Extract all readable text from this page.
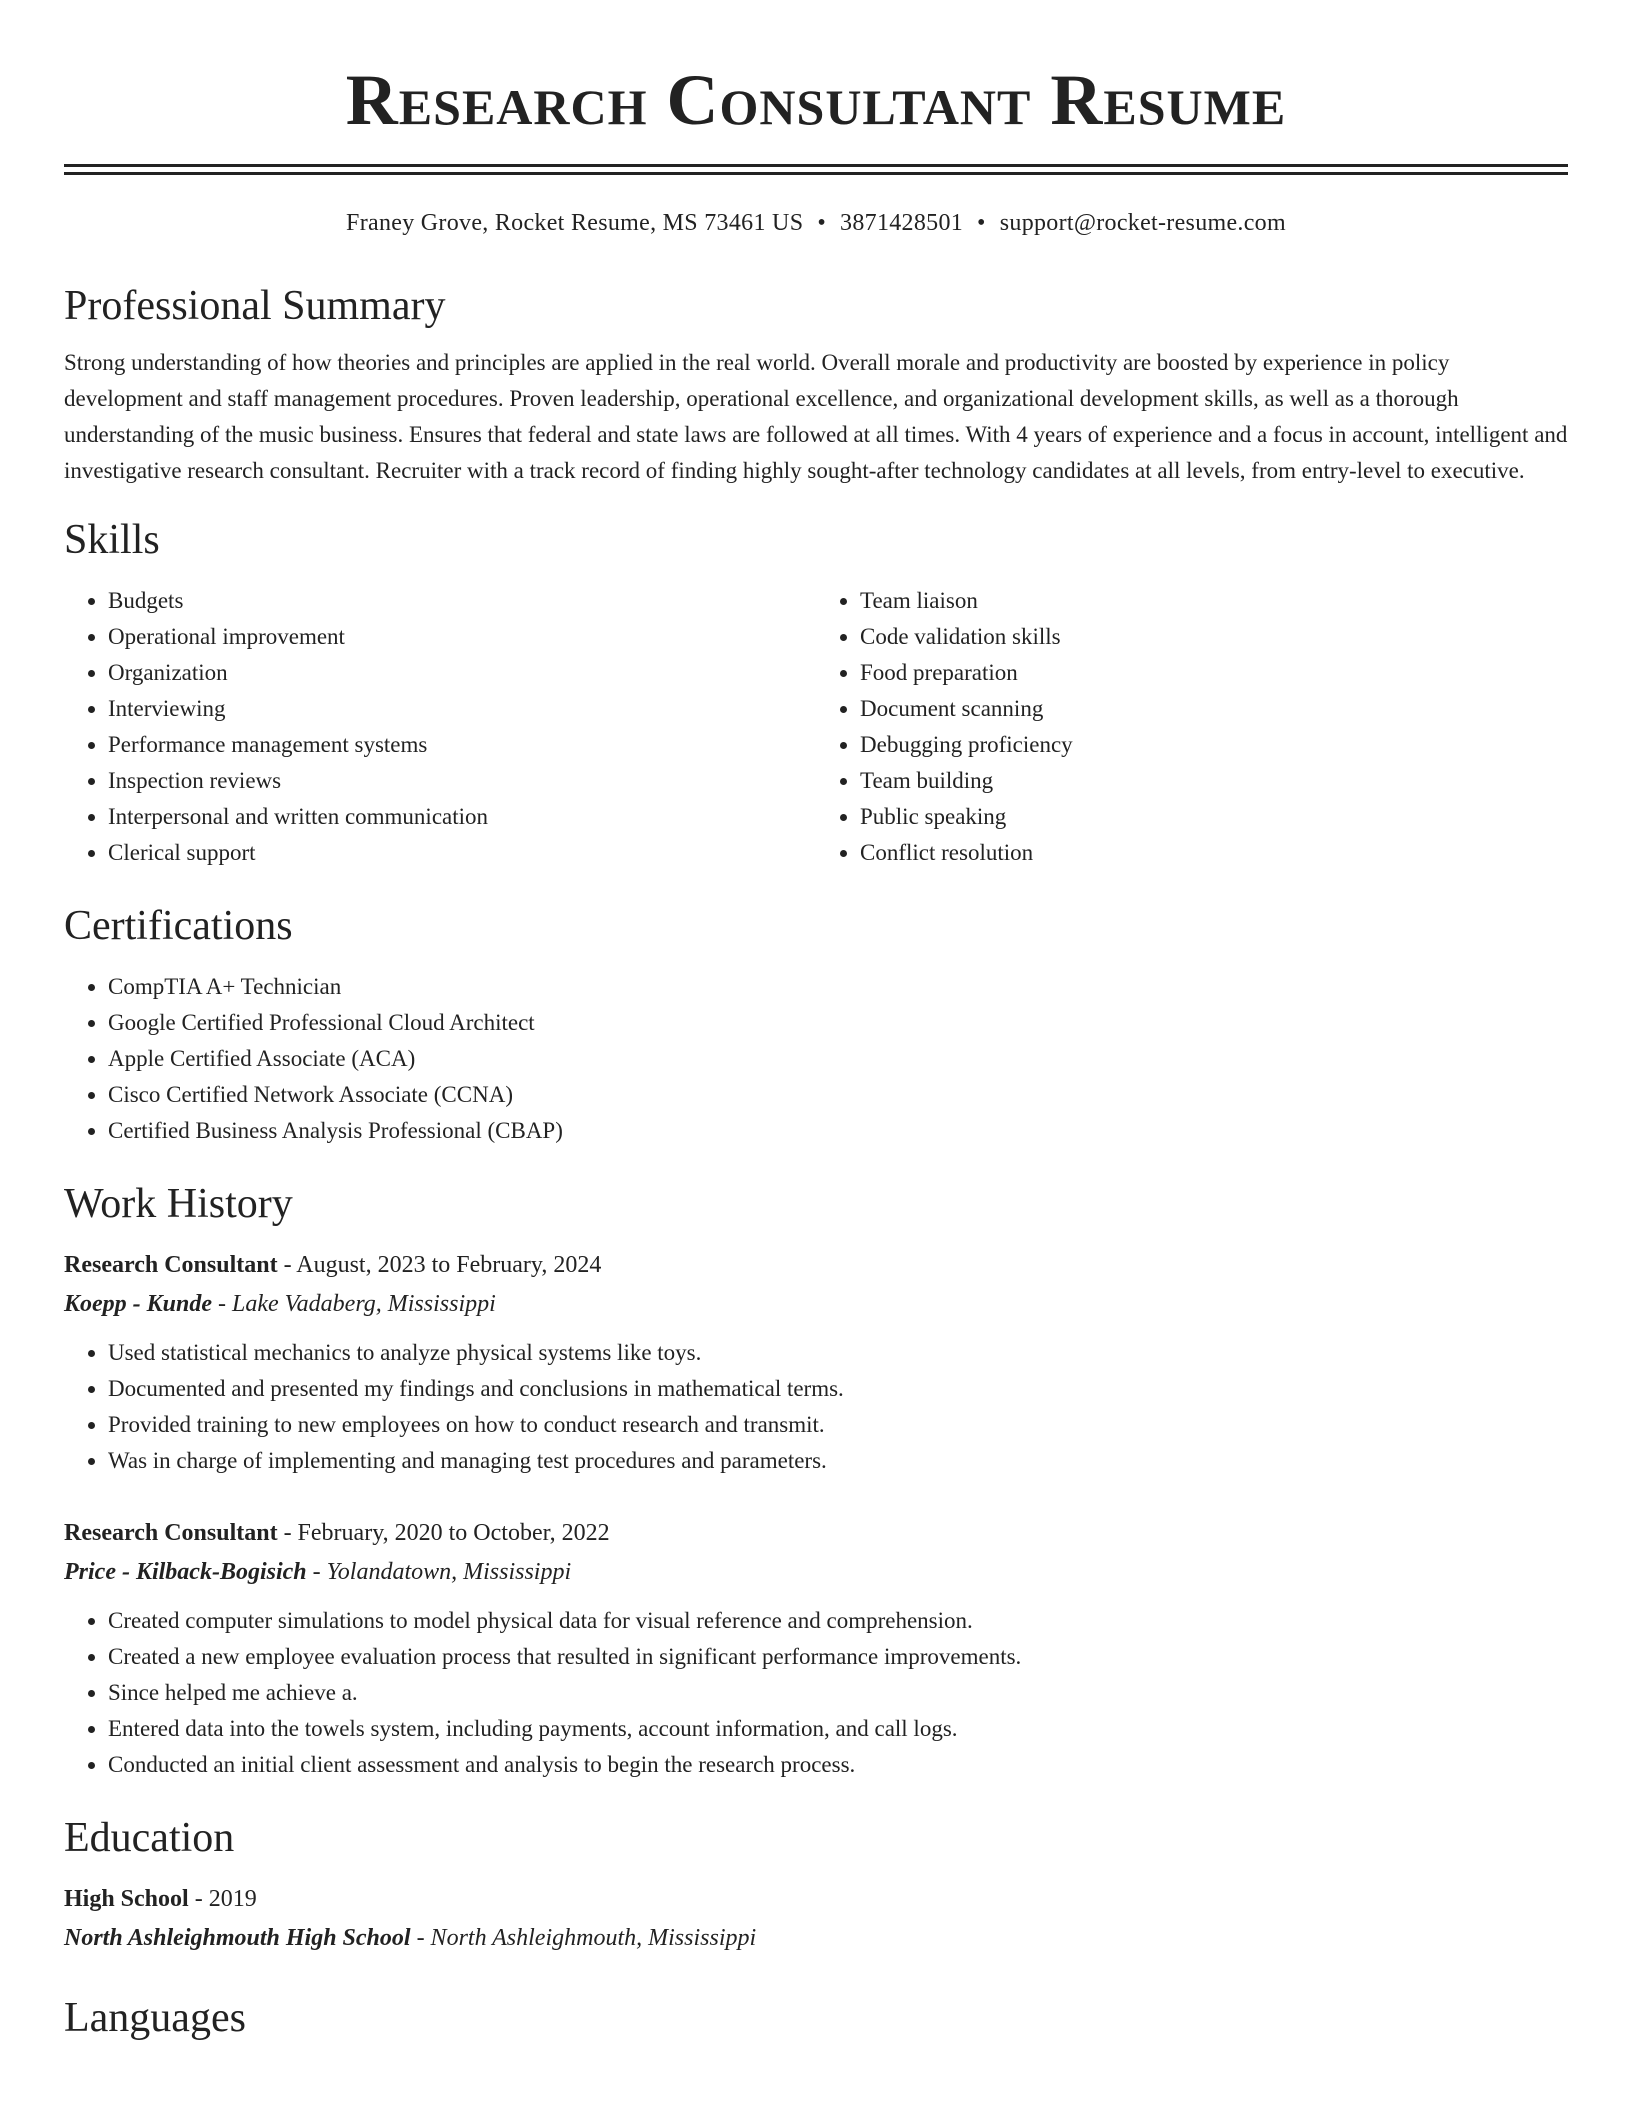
Research Consultant Resume
Franey Grove, Rocket Resume, MS 73461 US • 3871428501 • support@rocket-resume.com
Professional Summary

Strong understanding of how theories and principles are applied in the real world. Overall morale and productivity are boosted by experience in policy development and staff management procedures. Proven leadership, operational excellence, and organizational development skills, as well as a thorough understanding of the music business. Ensures that federal and state laws are followed at all times. With 4 years of experience and a focus in account, intelligent and investigative research consultant. Recruiter with a track record of finding highly sought-after technology candidates at all levels, from entry-level to executive.

Skills
• Budgets
• Operational improvement
• Organization
• Interviewing
• Performance management systems
• Inspection reviews
• Interpersonal and written communication
• Clerical support
• Team liaison
• Code validation skills
• Food preparation
• Document scanning
• Debugging proficiency
• Team building
• Public speaking
• Conflict resolution
Certifications
• CompTIA A+ Technician
• Google Certified Professional Cloud Architect
• Apple Certified Associate (ACA)
• Cisco Certified Network Associate (CCNA)
• Certified Business Analysis Professional (CBAP)
Work History
Research Consultant - August, 2023 to February, 2024
Koepp - Kunde - Lake Vadaberg, Mississippi
• Used statistical mechanics to analyze physical systems like toys.
• Documented and presented my findings and conclusions in mathematical terms.
• Provided training to new employees on how to conduct research and transmit.
• Was in charge of implementing and managing test procedures and parameters.
Research Consultant - February, 2020 to October, 2022
Price - Kilback-Bogisich - Yolandatown, Mississippi
• Created computer simulations to model physical data for visual reference and comprehension.
• Created a new employee evaluation process that resulted in significant performance improvements.
• Since helped me achieve a.
• Entered data into the towels system, including payments, account information, and call logs.
• Conducted an initial client assessment and analysis to begin the research process.
Education
High School - 2019
North Ashleighmouth High School - North Ashleighmouth, Mississippi
Languages
